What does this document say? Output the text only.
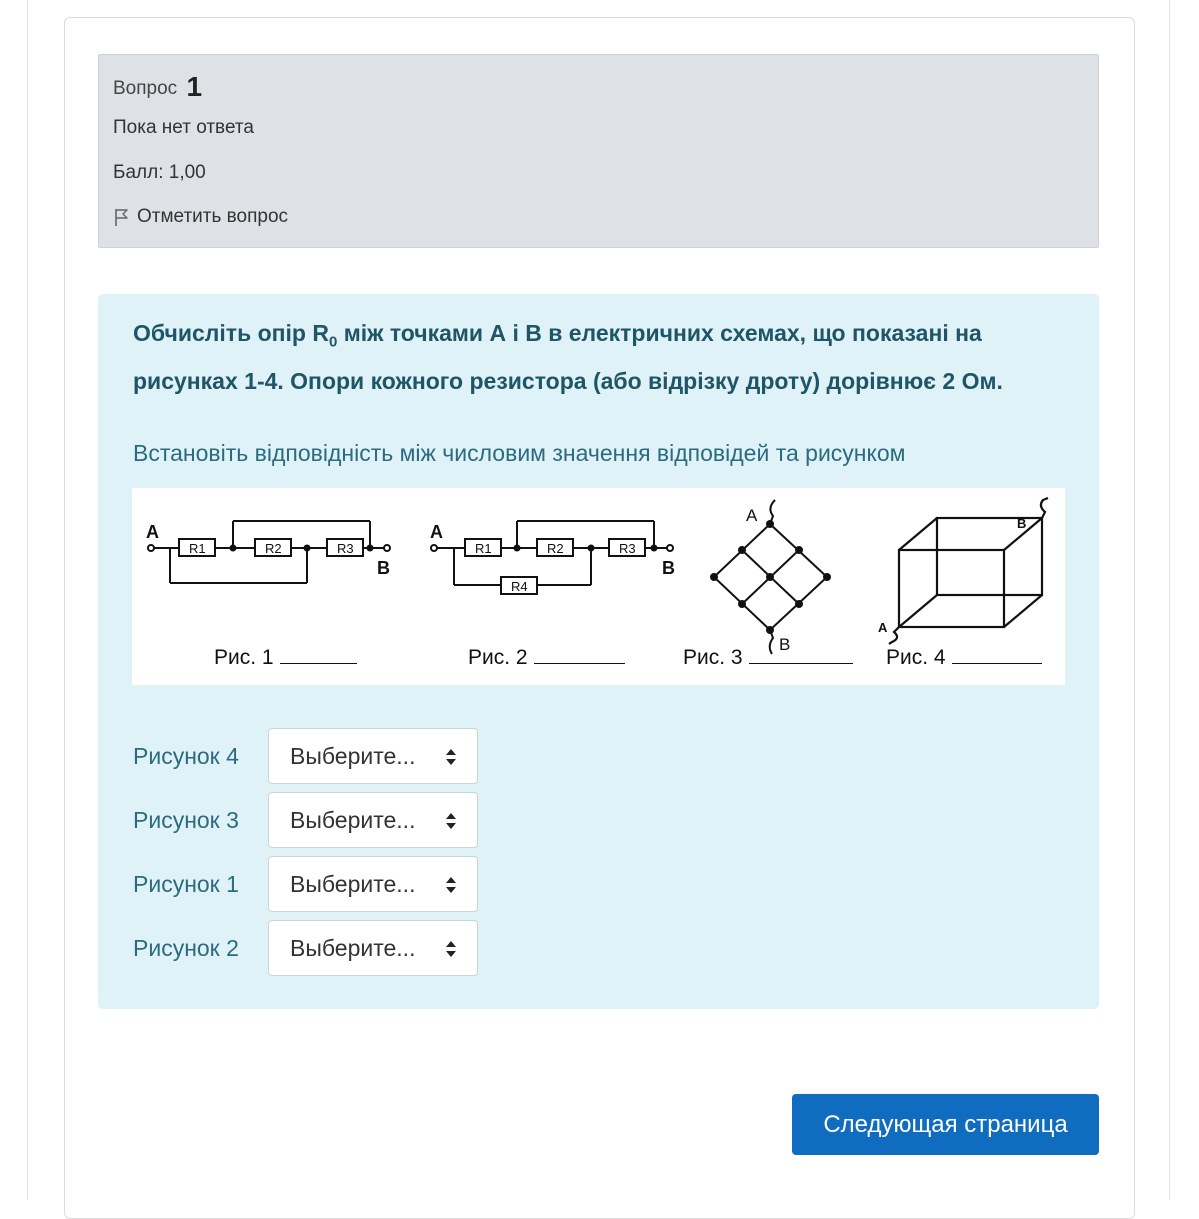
Вопрос 1
Пока нет ответа
Балл: 1,00
Отметить вопрос
Обчисліть опір $R_0$ між точками А і В в електричних схемах, що показані на рисунках 1-4. Опори кожного резистора (або відрізку дроту) дорівнює 2 Ом.
Встановіть відповідність між числовим значення відповідей та рисунком
A
B
R1	R2	R3
A
B
R1	R2	R3
R4
A
B
B
A
Рис. 1	Рис. 2	Рис. 3	Рис. 4
Рисунок 4	Выберите...
Рисунок 3	Выберите...
Рисунок 1	Выберите...
Рисунок 2	Выберите...
Следующая страница
